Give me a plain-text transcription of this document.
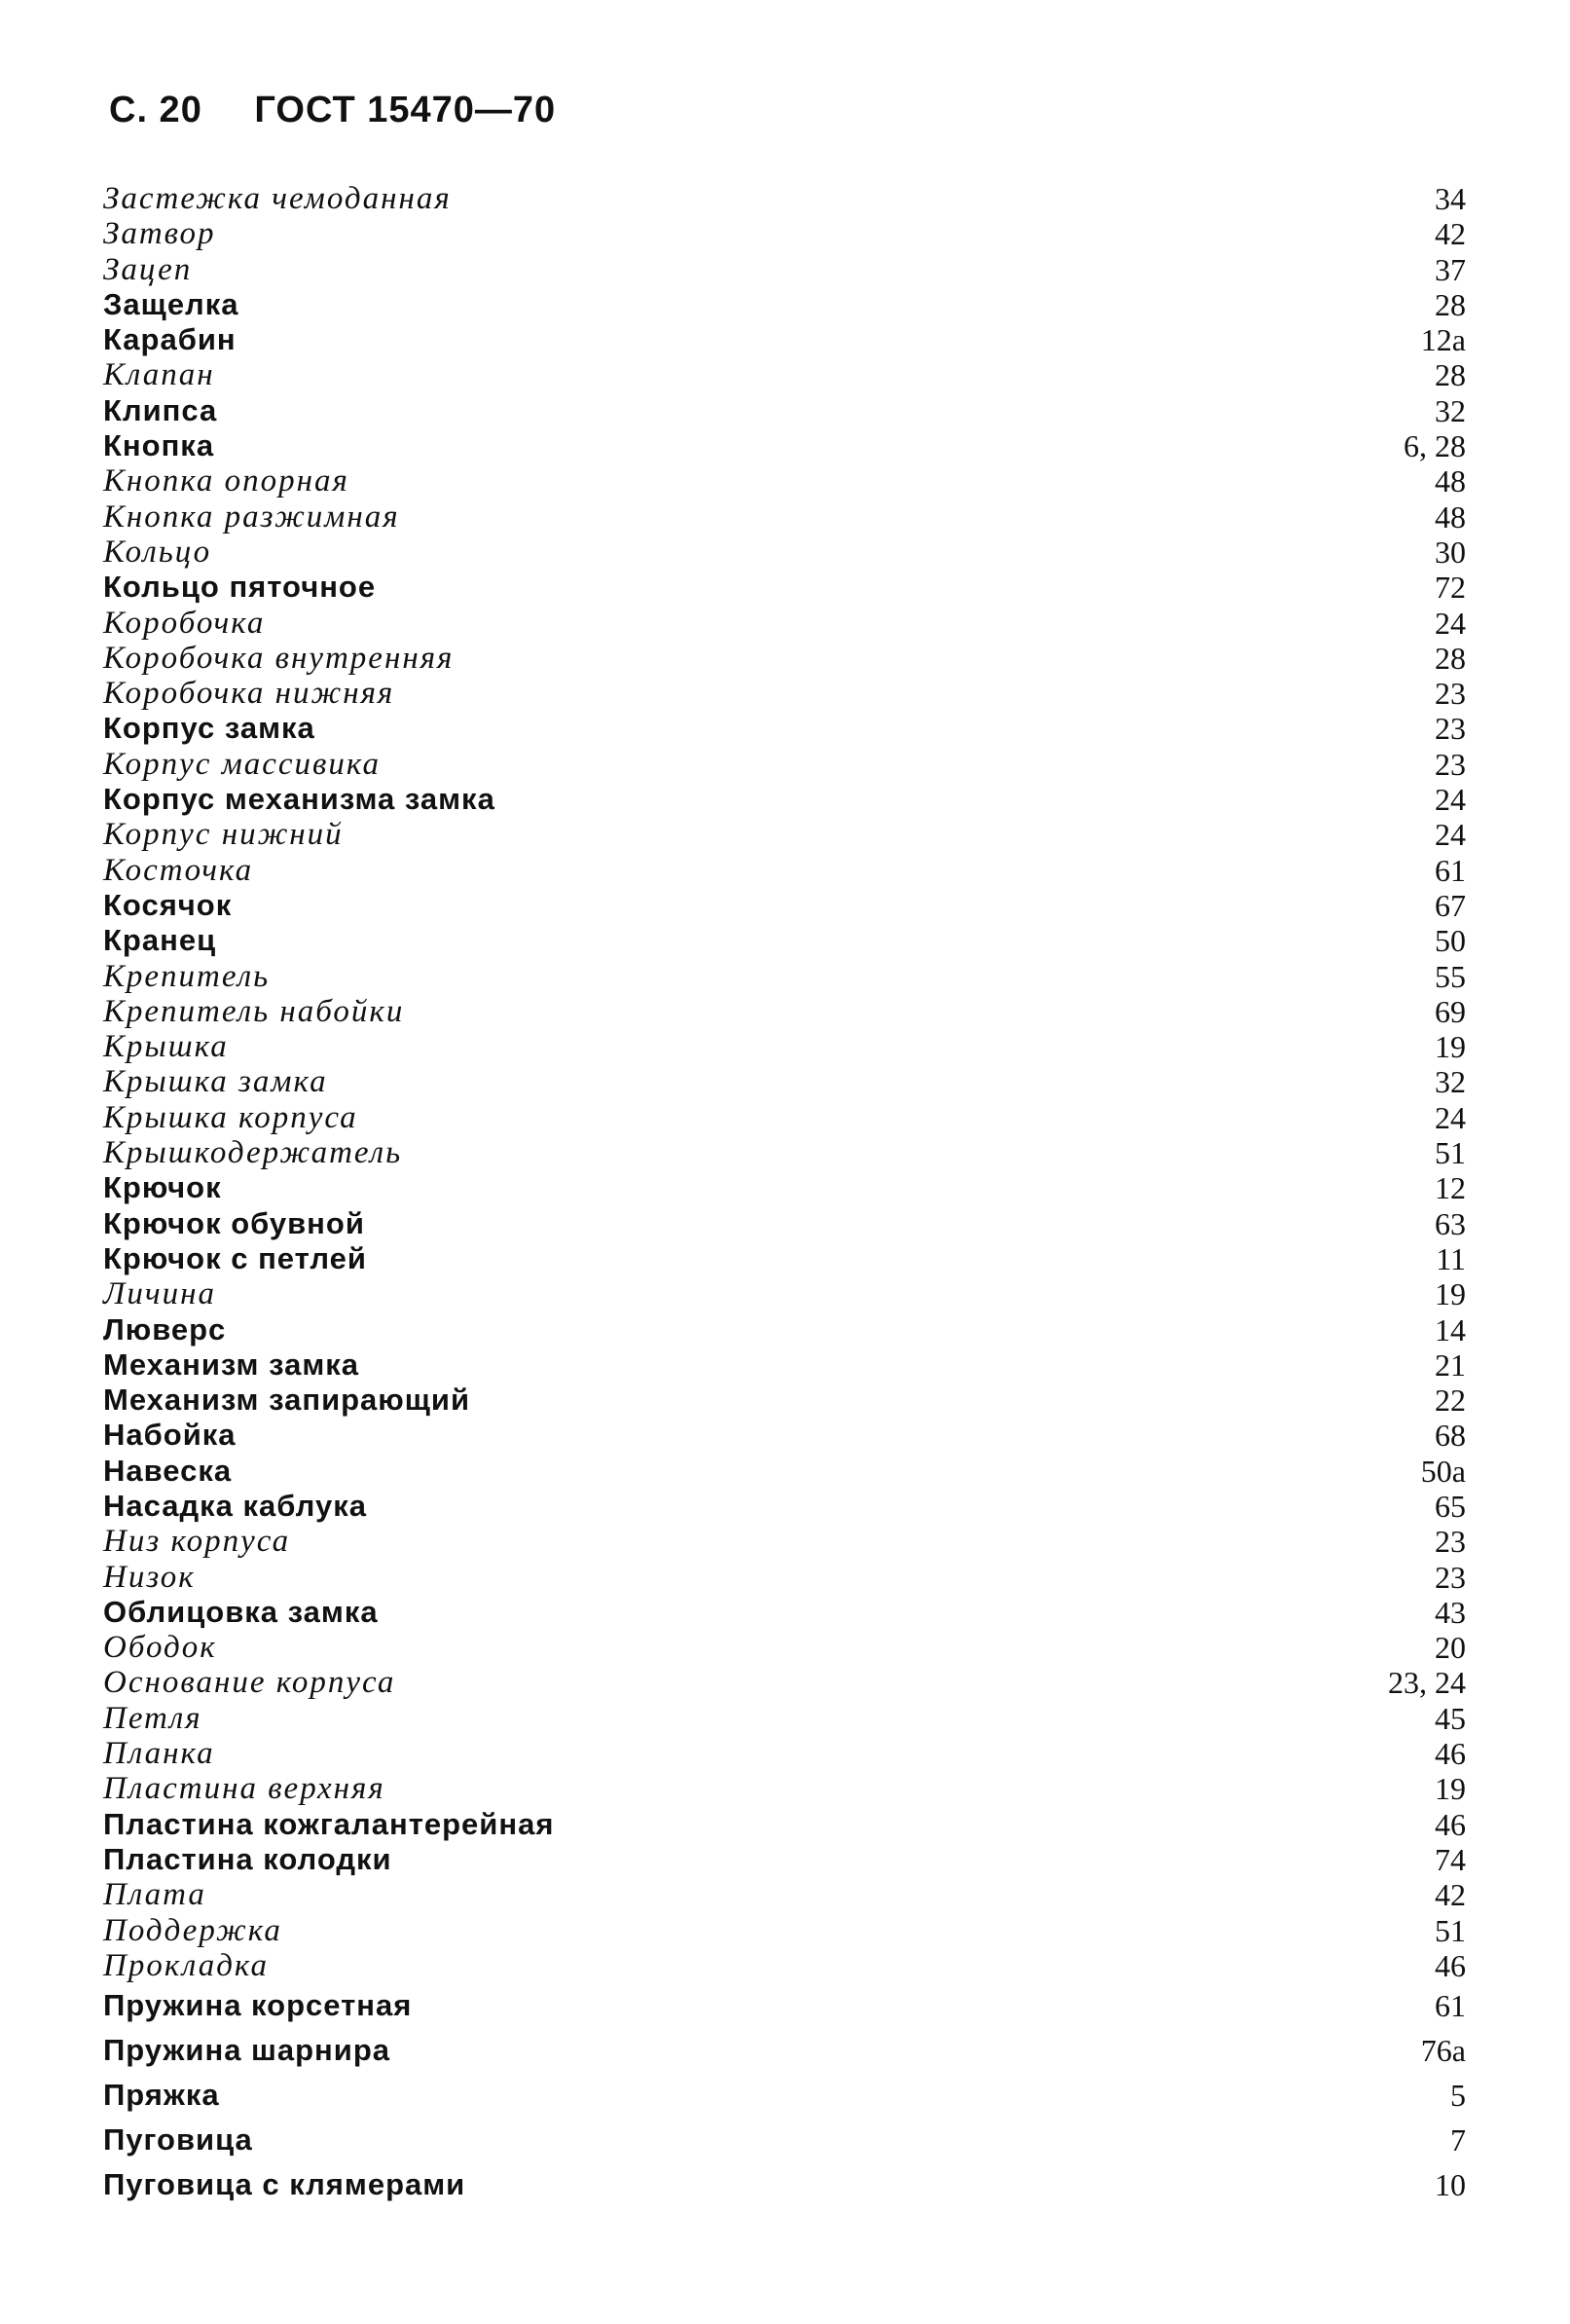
С. 20 ГОСТ 15470—70
Застежка чемоданная	34
Затвор	42
Зацеп	37
Защелка	28
Карабин	12а
Клапан	28
Клипса	32
Кнопка	6, 28
Кнопка опорная	48
Кнопка разжимная	48
Кольцо	30
Кольцо пяточное	72
Коробочка	24
Коробочка внутренняя	28
Коробочка нижняя	23
Корпус замка	23
Корпус массивика	23
Корпус механизма замка	24
Корпус нижний	24
Косточка	61
Косячок	67
Кранец	50
Крепитель	55
Крепитель набойки	69
Крышка	19
Крышка замка	32
Крышка корпуса	24
Крышкодержатель	51
Крючок	12
Крючок обувной	63
Крючок с петлей	11
Личина	19
Люверс	14
Механизм замка	21
Механизм запирающий	22
Набойка	68
Навеска	50а
Насадка каблука	65
Низ корпуса	23
Низок	23
Облицовка замка	43
Ободок	20
Основание корпуса	23, 24
Петля	45
Планка	46
Пластина верхняя	19
Пластина кожгалантерейная	46
Пластина колодки	74
Плата	42
Поддержка	51
Прокладка	46
Пружина корсетная	61
Пружина шарнира	76а
Пряжка	5
Пуговица	7
Пуговица с клямерами	10
